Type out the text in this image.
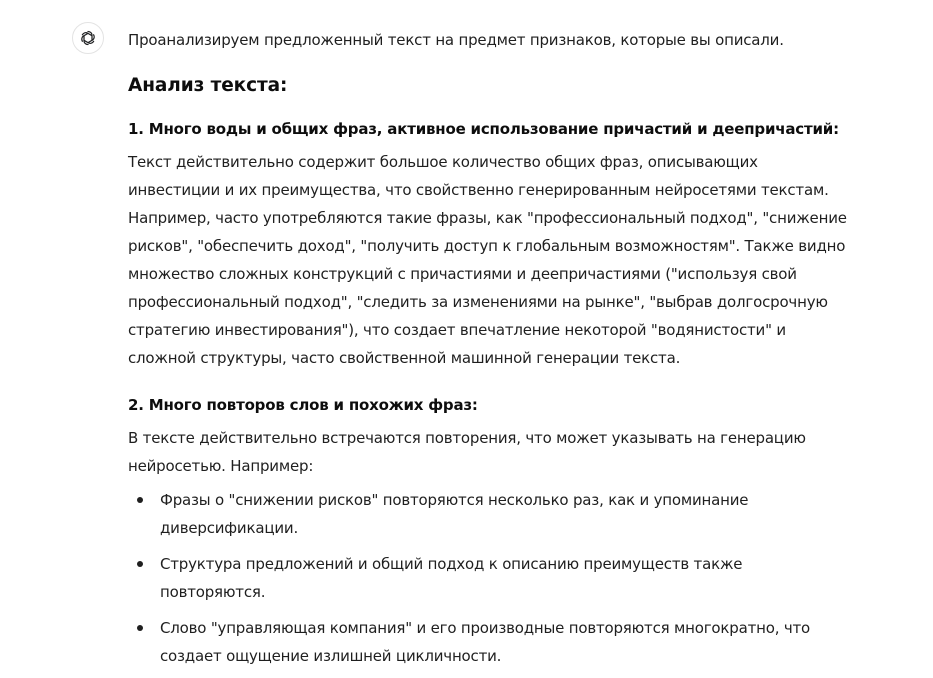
Проанализируем предложенный текст на предмет признаков, которые вы описали.

Анализ текста:

1. Много воды и общих фраз, активное использование причастий и деепричастий:

Текст действительно содержит большое количество общих фраз, описывающих инвестиции и их преимущества, что свойственно генерированным нейросетями текстам. Например, часто употребляются такие фразы, как "профессиональный подход", "снижение рисков", "обеспечить доход", "получить доступ к глобальным возможностям". Также видно множество сложных конструкций с причастиями и деепричастиями ("используя свой профессиональный подход", "следить за изменениями на рынке", "выбрав долгосрочную стратегию инвестирования"), что создает впечатление некоторой "водянистости" и сложной структуры, часто свойственной машинной генерации текста.

2. Много повторов слов и похожих фраз:

В тексте действительно встречаются повторения, что может указывать на генерацию нейросетью. Например:

Фразы о "снижении рисков" повторяются несколько раз, как и упоминание диверсификации.
Структура предложений и общий подход к описанию преимуществ также повторяются.
Слово "управляющая компания" и его производные повторяются многократно, что создает ощущение излишней цикличности.
